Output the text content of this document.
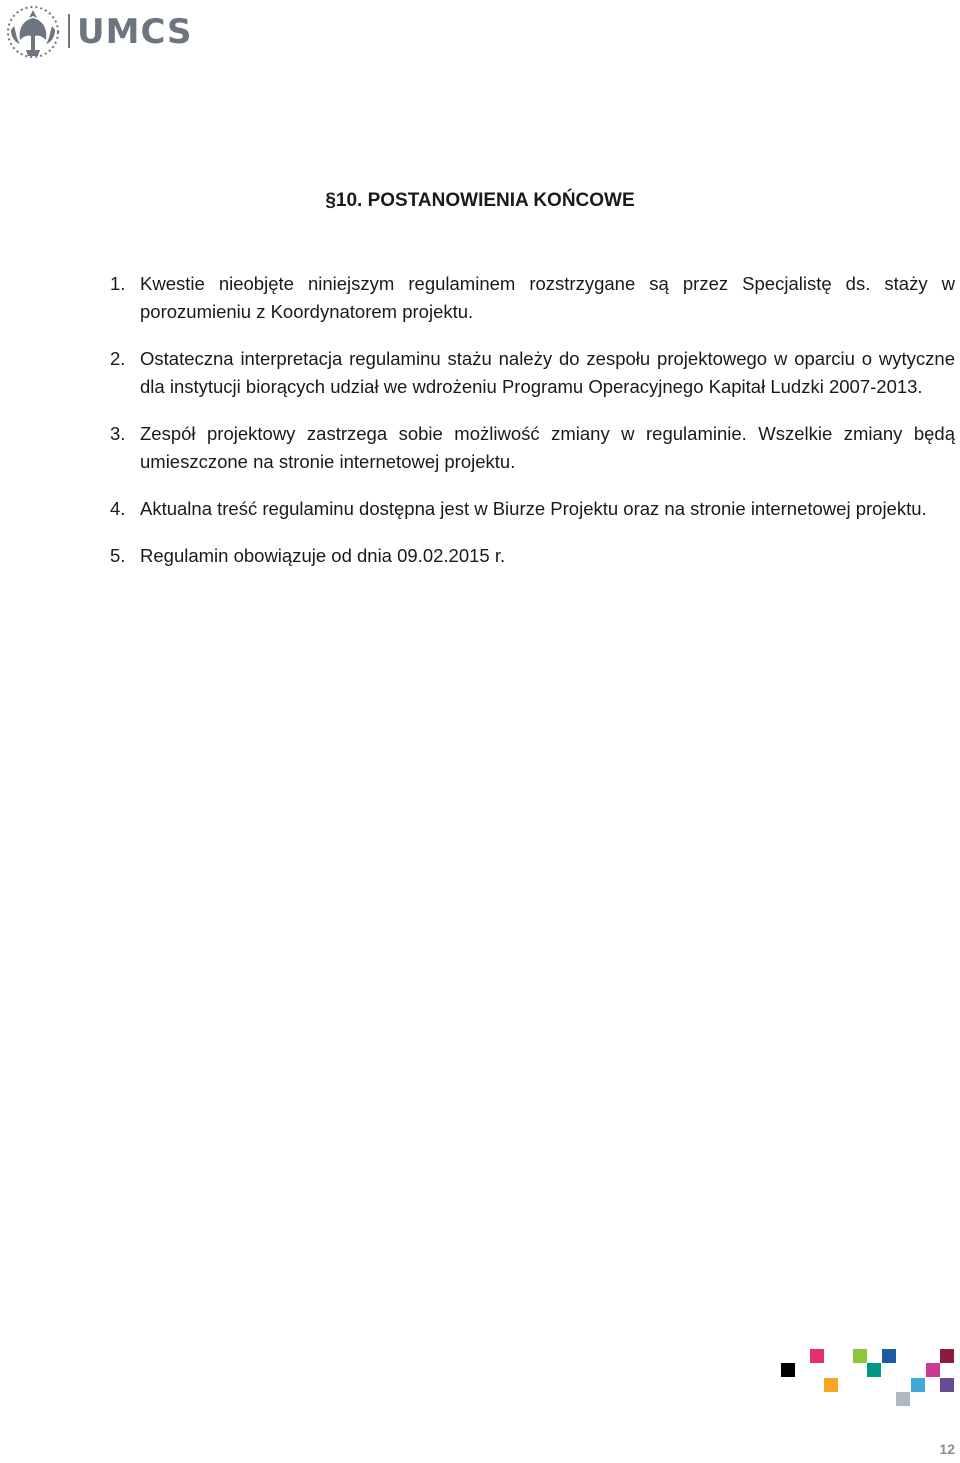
UMCS
§10. POSTANOWIENIA KOŃCOWE
1. Kwestie nieobjęte niniejszym regulaminem rozstrzygane są przez Specjalistę ds. staży w porozumieniu z Koordynatorem projektu.
2. Ostateczna interpretacja regulaminu stażu należy do zespołu projektowego w oparciu o wytyczne dla instytucji biorących udział we wdrożeniu Programu Operacyjnego Kapitał Ludzki 2007-2013.
3. Zespół projektowy zastrzega sobie możliwość zmiany w regulaminie. Wszelkie zmiany będą umieszczone na stronie internetowej projektu.
4. Aktualna treść regulaminu dostępna jest w Biurze Projektu oraz na stronie internetowej projektu.
5. Regulamin obowiązuje od dnia 09.02.2015 r.
12
